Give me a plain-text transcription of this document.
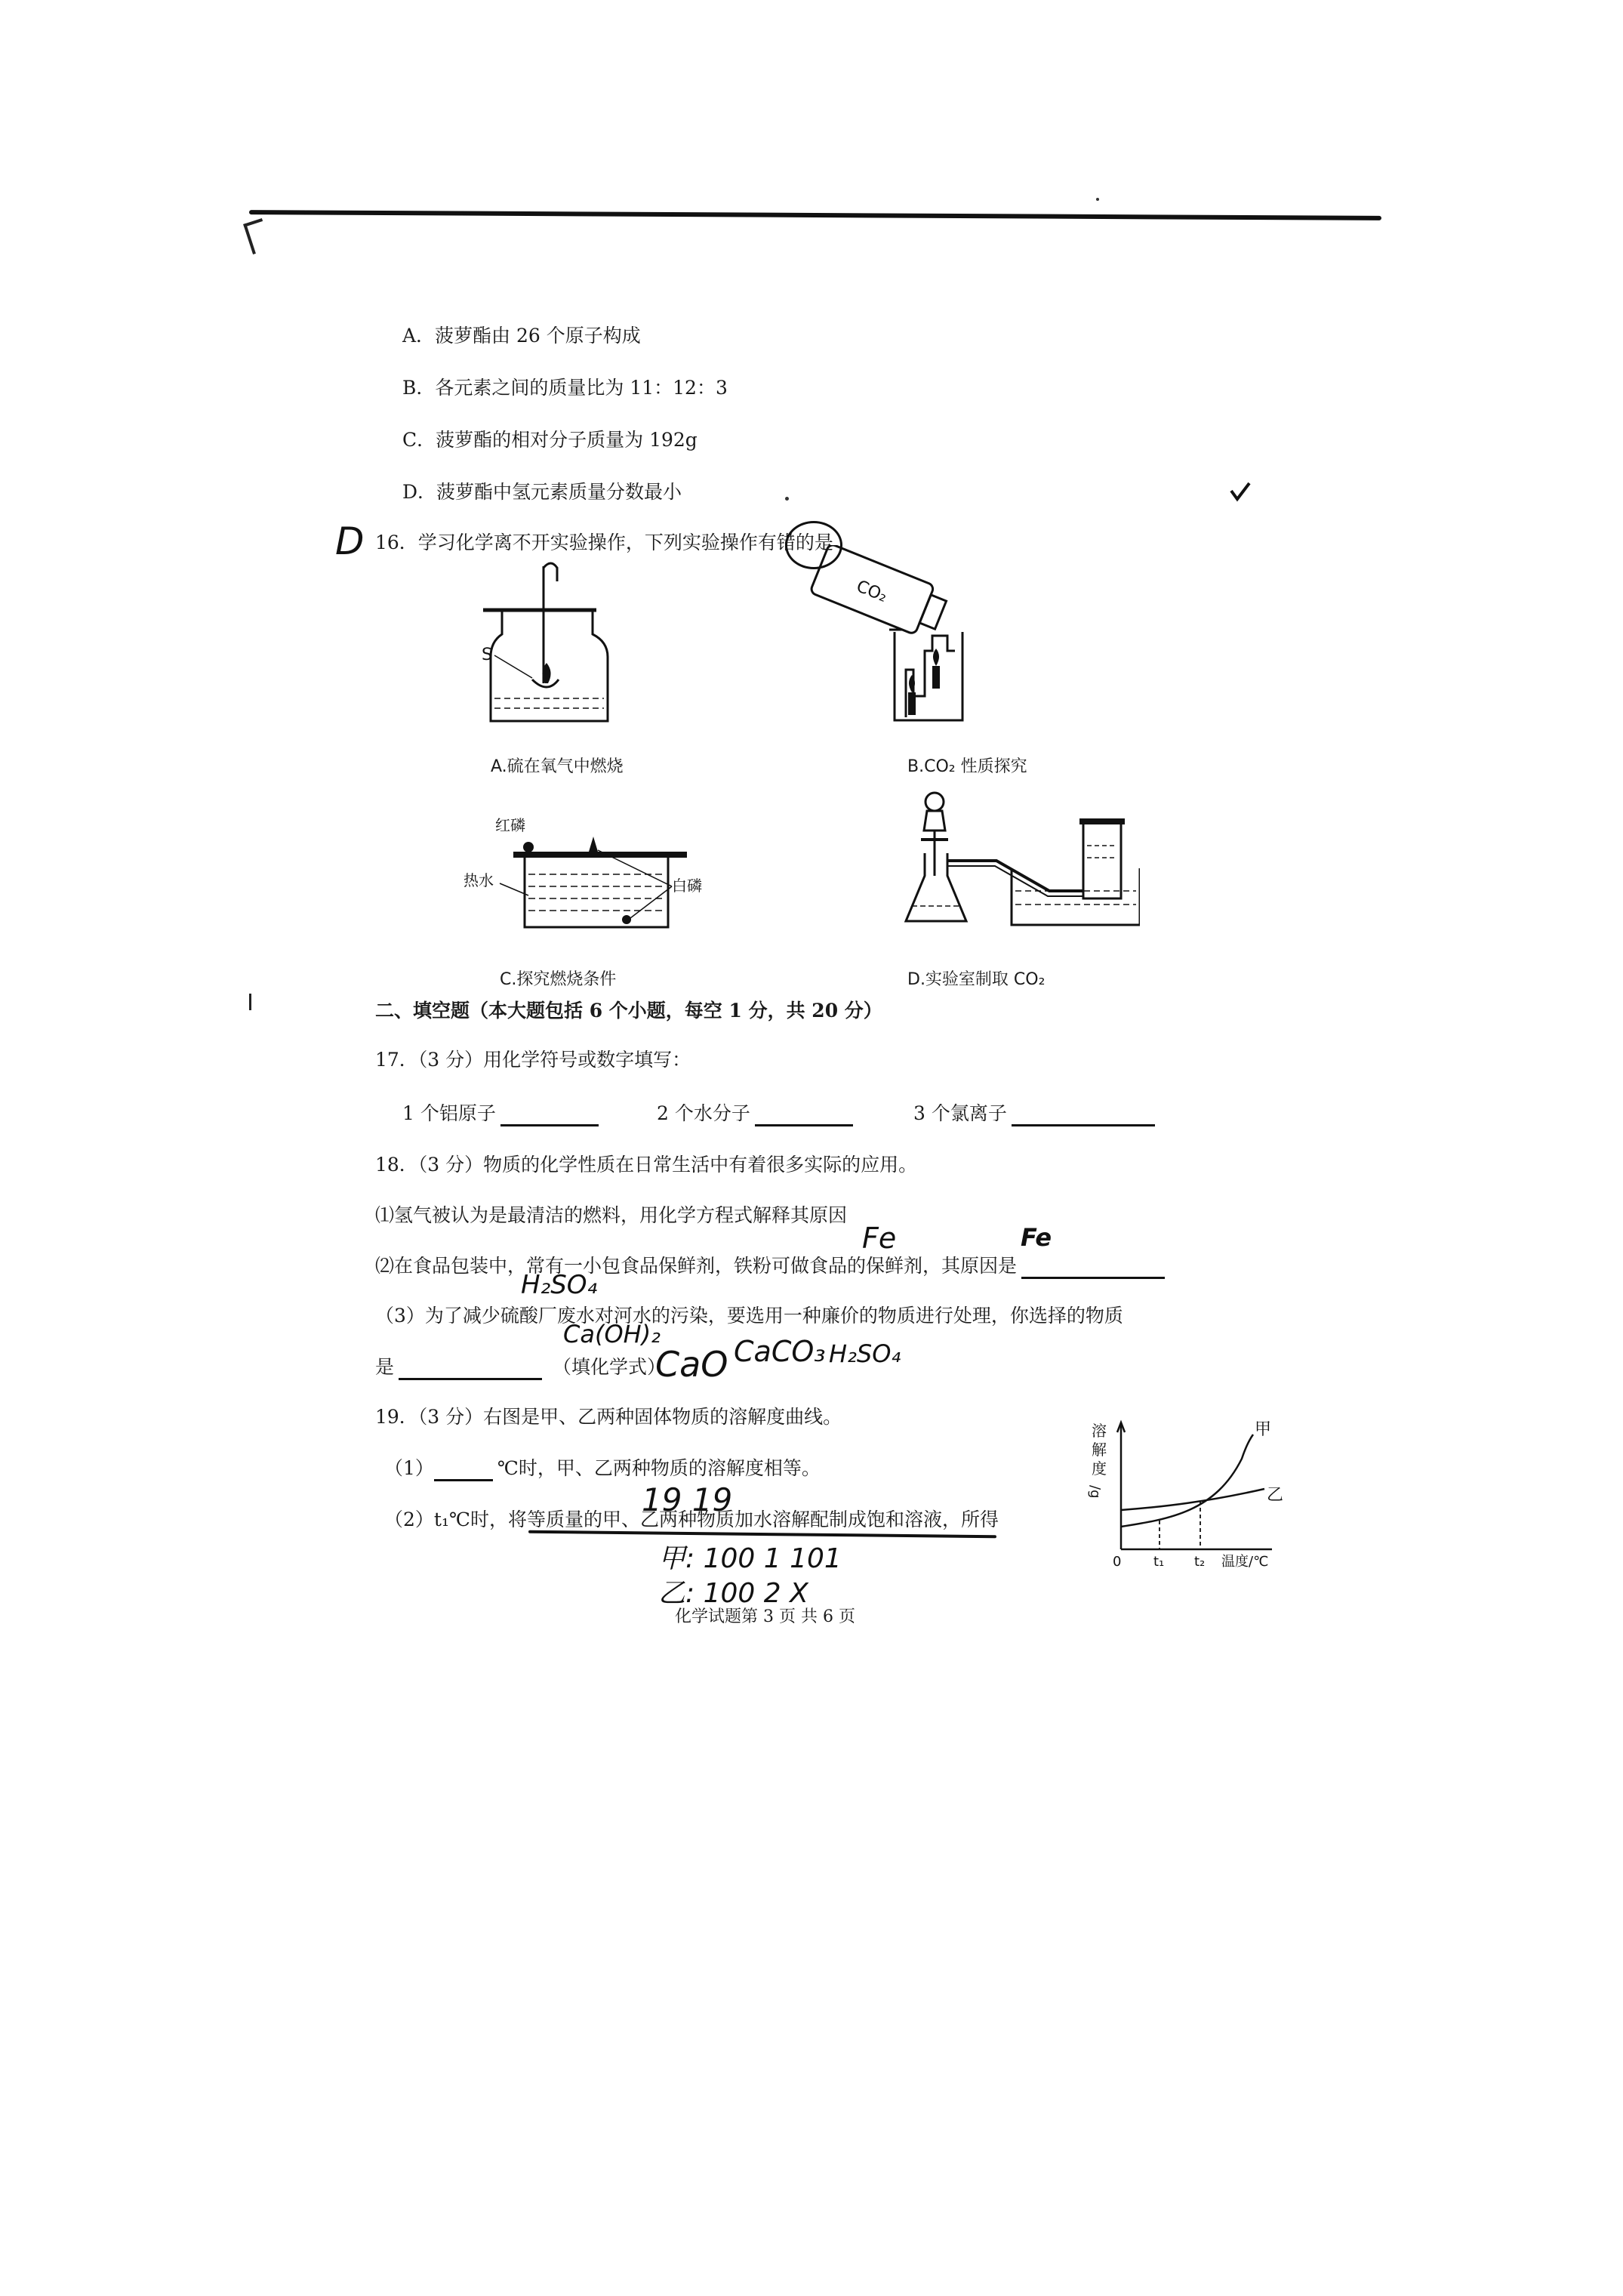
A．菠萝酯由 26 个原子构成
B．各元素之间的质量比为 11：12：3
C．菠萝酯的相对分子质量为 192g
D．菠萝酯中氢元素质量分数最小
D 16．学习化学离不开实验操作，下列实验操作有错的是
S
A.硫在氧气中燃烧
CO₂
B.CO₂ 性质探究
红磷
热水	白磷
C.探究燃烧条件	D.实验室制取 CO₂
二、填空题（本大题包括 6 个小题，每空 1 分，共 20 分）
17．（3 分）用化学符号或数字填写：
1 个铝原子	2 个水分子	3 个氯离子
18．（3 分）物质的化学性质在日常生活中有着很多实际的应用。
⑴氢气被认为是最清洁的燃料，用化学方程式解释其原因
Fe	Fe
⑵在食品包装中，常有一小包食品保鲜剂，铁粉可做食品的保鲜剂，其原因是
H₂SO₄
（3）为了减少硫酸厂废水对河水的污染，要选用一种廉价的物质进行处理，你选择的物质
是	（填化学式）
Ca(OH)₂
CaO CaCO₃ H₂SO₄
19．（3 分）右图是甲、乙两种固体物质的溶解度曲线。
（1）	℃时，甲、乙两种物质的溶解度相等。
19 19
（2）t₁℃时，将等质量的甲、乙两种物质加水溶解配制成饱和溶液，所得
甲: 100 1 101
乙: 100 2 X
溶
解
度
/g
甲
乙
0 t₁ t₂ 温度/℃
化学试题第 3 页 共 6 页
